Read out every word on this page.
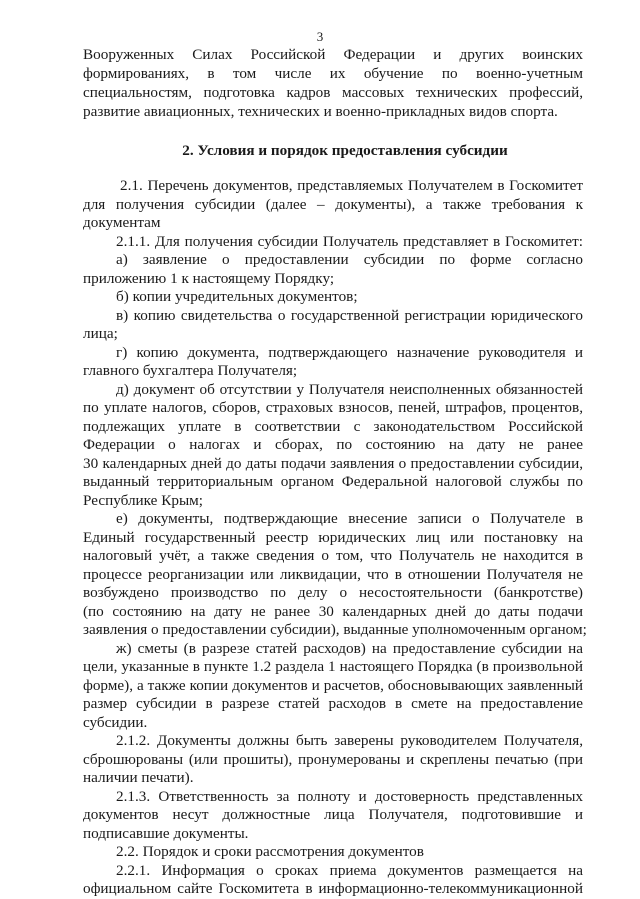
3
Вооруженных Силах Российской Федерации и других воинских
формированиях, в том числе их обучение по военно-учетным
специальностям, подготовка кадров массовых технических профессий,
развитие авиационных, технических и военно-прикладных видов спорта.
2. Условия и порядок предоставления субсидии
2.1. Перечень документов, представляемых Получателем в Госкомитет
для получения субсидии (далее – документы), а также требования к
документам
2.1.1. Для получения субсидии Получатель представляет в Госкомитет:
а) заявление о предоставлении субсидии по форме согласно
приложению 1 к настоящему Порядку;
б) копии учредительных документов;
в) копию свидетельства о государственной регистрации юридического
лица;
г) копию документа, подтверждающего назначение руководителя и
главного бухгалтера Получателя;
д) документ об отсутствии у Получателя неисполненных обязанностей
по уплате налогов, сборов, страховых взносов, пеней, штрафов, процентов,
подлежащих уплате в соответствии с законодательством Российской
Федерации о налогах и сборах, по состоянию на дату не ранее
30 календарных дней до даты подачи заявления о предоставлении субсидии,
выданный территориальным органом Федеральной налоговой службы по
Республике Крым;
е) документы, подтверждающие внесение записи о Получателе в
Единый государственный реестр юридических лиц или постановку на
налоговый учёт, а также сведения о том, что Получатель не находится в
процессе реорганизации или ликвидации, что в отношении Получателя не
возбуждено производство по делу о несостоятельности (банкротстве)
(по состоянию на дату не ранее 30 календарных дней до даты подачи
заявления о предоставлении субсидии), выданные уполномоченным органом;
ж) сметы (в разрезе статей расходов) на предоставление субсидии на
цели, указанные в пункте 1.2 раздела 1 настоящего Порядка (в произвольной
форме), а также копии документов и расчетов, обосновывающих заявленный
размер субсидии в разрезе статей расходов в смете на предоставление
субсидии.
2.1.2. Документы должны быть заверены руководителем Получателя,
сброшюрованы (или прошиты), пронумерованы и скреплены печатью (при
наличии печати).
2.1.3. Ответственность за полноту и достоверность представленных
документов несут должностные лица Получателя, подготовившие и
подписавшие документы.
2.2. Порядок и сроки рассмотрения документов
2.2.1. Информация о сроках приема документов размещается на
официальном сайте Госкомитета в информационно-телекоммуникационной
